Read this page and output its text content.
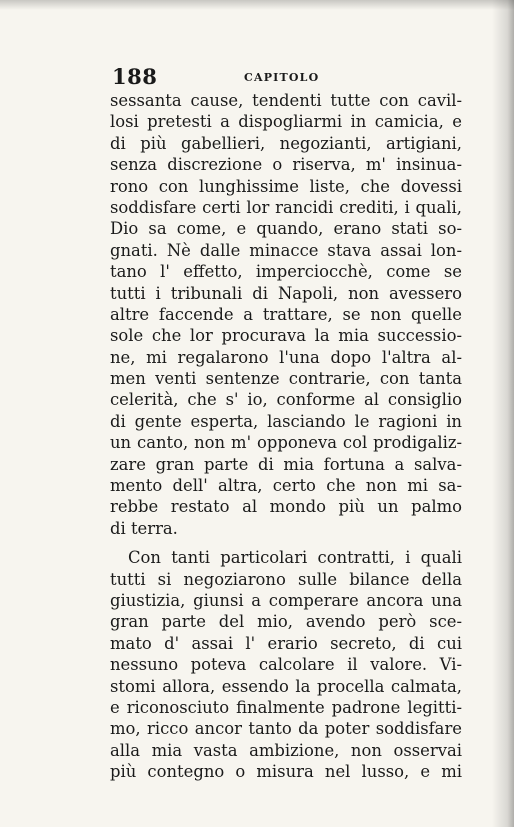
188	CAPITOLO
sessanta cause, tendenti tutte con cavil-
losi pretesti a dispogliarmi in camicia, e
di più gabellieri, negozianti, artigiani,
senza discrezione o riserva, m' insinua-
rono con lunghissime liste, che dovessi
soddisfare certi lor rancidi crediti, i quali,
Dio sa come, e quando, erano stati so-
gnati. Nè dalle minacce stava assai lon-
tano l' effetto, imperciocchè, come se
tutti i tribunali di Napoli, non avessero
altre faccende a trattare, se non quelle
sole che lor procurava la mia successio-
ne, mi regalarono l'una dopo l'altra al-
men venti sentenze contrarie, con tanta
celerità, che s' io, conforme al consiglio
di gente esperta, lasciando le ragioni in
un canto, non m' opponeva col prodigaliz-
zare gran parte di mia fortuna a salva-
mento dell' altra, certo che non mi sa-
rebbe restato al mondo più un palmo
di terra.
Con tanti particolari contratti, i quali
tutti si negoziarono sulle bilance della
giustizia, giunsi a comperare ancora una
gran parte del mio, avendo però sce-
mato d' assai l' erario secreto, di cui
nessuno poteva calcolare il valore. Vi-
stomi allora, essendo la procella calmata,
e riconosciuto finalmente padrone legitti-
mo, ricco ancor tanto da poter soddisfare
alla mia vasta ambizione, non osservai
più contegno o misura nel lusso, e mi
